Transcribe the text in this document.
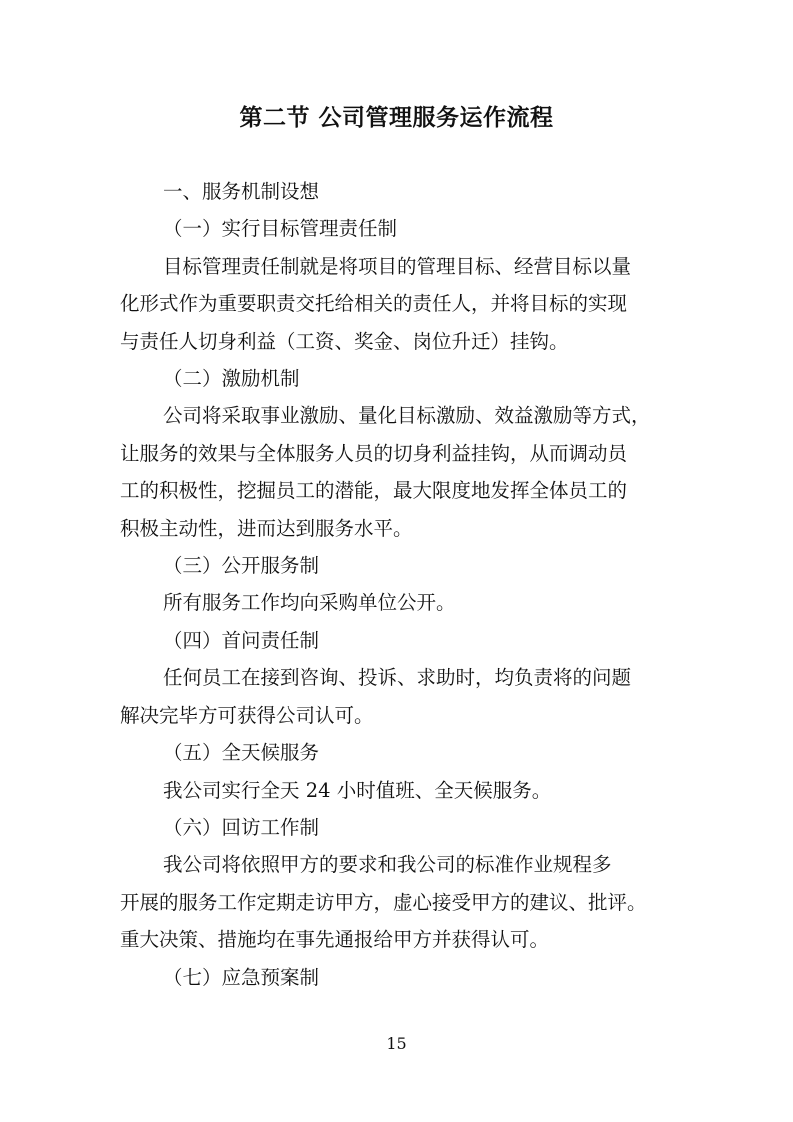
第二节 公司管理服务运作流程

一、服务机制设想

（一）实行目标管理责任制

目标管理责任制就是将项目的管理目标、经营目标以量

化形式作为重要职责交托给相关的责任人，并将目标的实现

与责任人切身利益（工资、奖金、岗位升迁）挂钩。

（二）激励机制

公司将采取事业激励、量化目标激励、效益激励等方式，

让服务的效果与全体服务人员的切身利益挂钩，从而调动员

工的积极性，挖掘员工的潜能，最大限度地发挥全体员工的

积极主动性，进而达到服务水平。

（三）公开服务制

所有服务工作均向采购单位公开。

（四）首问责任制

任何员工在接到咨询、投诉、求助时，均负责将的问题

解决完毕方可获得公司认可。

（五）全天候服务

我公司实行全天 24 小时值班、全天候服务。

（六）回访工作制

我公司将依照甲方的要求和我公司的标准作业规程多

开展的服务工作定期走访甲方，虚心接受甲方的建议、批评。

重大决策、措施均在事先通报给甲方并获得认可。

（七）应急预案制

15
